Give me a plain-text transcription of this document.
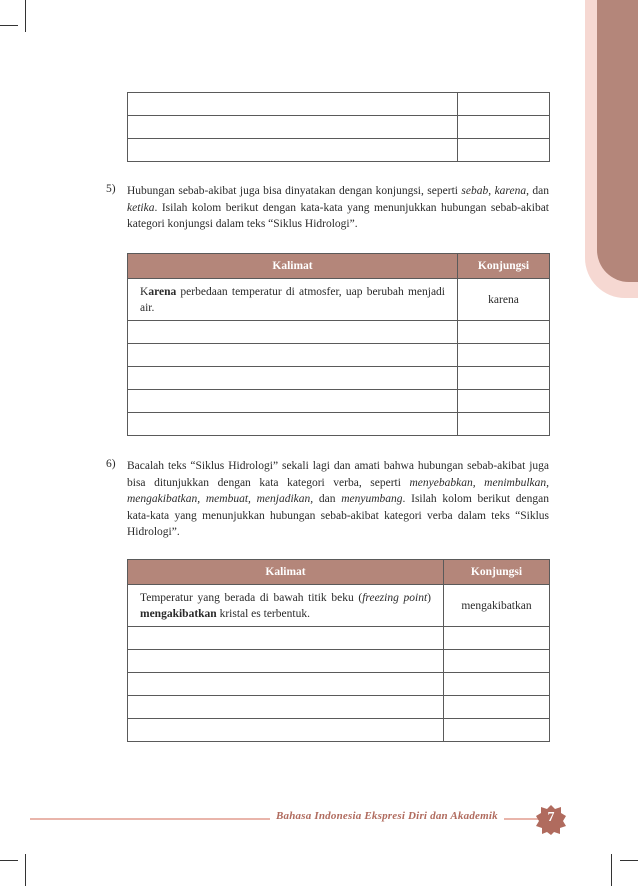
5) Hubungan sebab-akibat juga bisa dinyatakan dengan konjungsi, seperti sebab, karena, dan ketika. Isilah kolom berikut dengan kata-kata yang menunjukkan hubungan sebab-akibat kategori konjungsi dalam teks “Siklus Hidrologi”.
Kalimat	Konjungsi
Karena perbedaan temperatur di atmosfer, uap berubah menjadi air.	karena

6) Bacalah teks “Siklus Hidrologi” sekali lagi dan amati bahwa hubungan sebab-akibat juga bisa ditunjukkan dengan kata kategori verba, seperti menyebabkan, menimbulkan, mengakibatkan, membuat, menjadikan, dan menyumbang. Isilah kolom berikut dengan kata-kata yang menunjukkan hubungan sebab-akibat kategori verba dalam teks “Siklus Hidrologi”.
Kalimat	Konjungsi
Temperatur yang berada di bawah titik beku (freezing point) mengakibatkan kristal es terbentuk.	mengakibatkan

Bahasa Indonesia Ekspresi Diri dan Akademik	7
